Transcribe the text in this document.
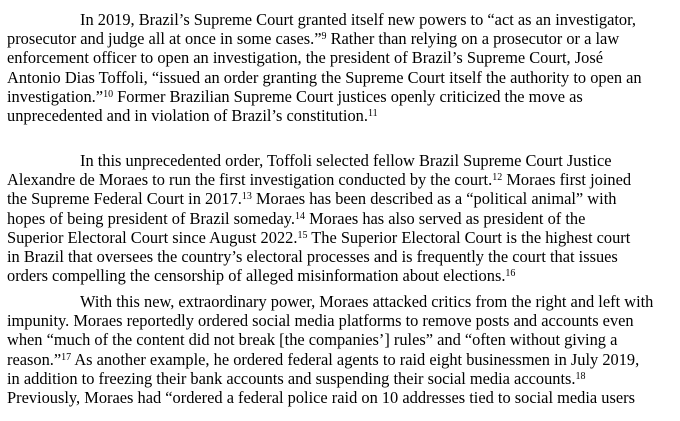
In 2019, Brazil’s Supreme Court granted itself new powers to “act as an investigator,
prosecutor and judge all at once in some cases.”$^9$ Rather than relying on a prosecutor or a law
enforcement officer to open an investigation, the president of Brazil’s Supreme Court, José
Antonio Dias Toffoli, “issued an order granting the Supreme Court itself the authority to open an
investigation.”$^{10}$ Former Brazilian Supreme Court justices openly criticized the move as
unprecedented and in violation of Brazil’s constitution.$^{11}$

In this unprecedented order, Toffoli selected fellow Brazil Supreme Court Justice
Alexandre de Moraes to run the first investigation conducted by the court.$^{12}$ Moraes first joined
the Supreme Federal Court in 2017.13 Moraes has been described as a “political animal” with
hopes of being president of Brazil someday.$^{14}$ Moraes has also served as president of the
Superior Electoral Court since August 2022.15 The Superior Electoral Court is the highest court
in Brazil that oversees the country’s electoral processes and is frequently the court that issues
orders compelling the censorship of alleged misinformation about elections.$^{16}$

With this new, extraordinary power, Moraes attacked critics from the right and left with
impunity. Moraes reportedly ordered social media platforms to remove posts and accounts even
when “much of the content did not break [the companies’] rules” and “often without giving a
reason.”$^{17}$ As another example, he ordered federal agents to raid eight businessmen in July 2019,
in addition to freezing their bank accounts and suspending their social media accounts.$^{18}$
Previously, Moraes had “ordered a federal police raid on 10 addresses tied to social media users
